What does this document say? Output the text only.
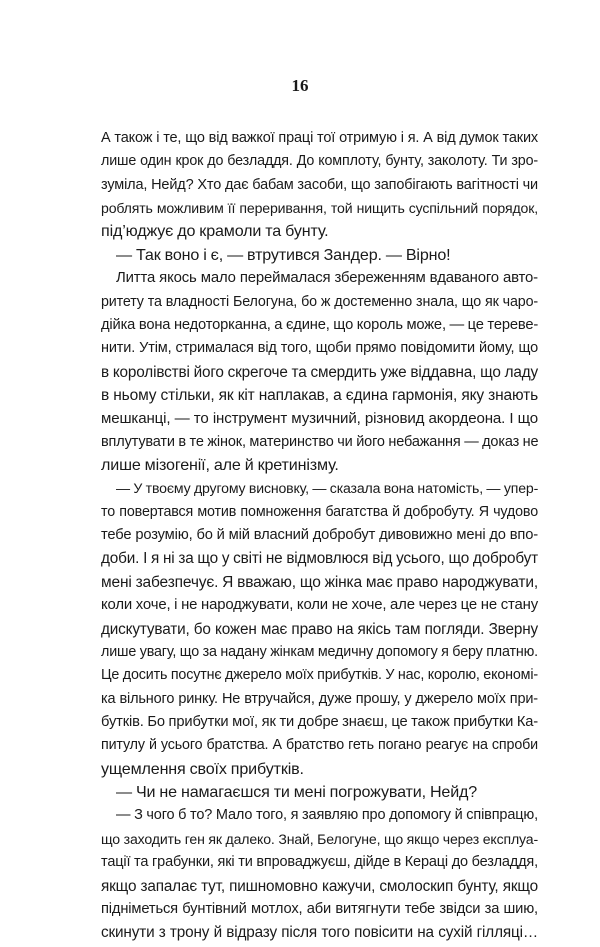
16
А також і те, що від важкої праці тої отримую і я. А від думок таких
лише один крок до безладдя. До комплоту, бунту, заколоту. Ти зро-
зуміла, Нейд? Хто дає бабам засоби, що запобігають вагітності чи
роблять можливим її переривання, той нищить суспільний порядок,
під’юджує до крамоли та бунту.
— Так воно і є, — втрутився Зандер. — Вірно!
Литта якось мало переймалася збереженням вдаваного авто-
ритету та владності Белогуна, бо ж достеменно знала, що як чаро-
дійка вона недоторканна, а єдине, що король може, — це тереве-
нити. Утім, стрималася від того, щоби прямо повідомити йому, що
в королівстві його скрегоче та смердить уже віддавна, що ладу
в ньому стільки, як кіт наплакав, а єдина гармонія, яку знають
мешканці, — то інструмент музичний, різновид акордеона. І що
вплутувати в те жінок, материнство чи його небажання — доказ не
лише мізогенії, але й кретинізму.
— У твоєму другому висновку, — сказала вона натомість, — упер-
то повертався мотив помноження багатства й добробуту. Я чудово
тебе розумію, бо й мій власний добробут дивовижно мені до впо-
доби. І я ні за що у світі не відмовлюся від усього, що добробут
мені забезпечує. Я вважаю, що жінка має право народжувати,
коли хоче, і не народжувати, коли не хоче, але через це не стану
дискутувати, бо кожен має право на якісь там погляди. Зверну
лише увагу, що за надану жінкам медичну допомогу я беру платню.
Це досить посутнє джерело моїх прибутків. У нас, королю, економі-
ка вільного ринку. Не втручайся, дуже прошу, у джерело моїх при-
бутків. Бо прибутки мої, як ти добре знаєш, це також прибутки Ка-
питулу й усього братства. А братство геть погано реагує на спроби
ущемлення своїх прибутків.
— Чи не намагаєшся ти мені погрожувати, Нейд?
— З чого б то? Мало того, я заявляю про допомогу й співпрацю,
що заходить ген як далеко. Знай, Белогуне, що якщо через експлуа-
тації та грабунки, які ти впроваджуєш, дійде в Кераці до безладдя,
якщо запалає тут, пишномовно кажучи, смолоскип бунту, якщо
підніметься бунтівний мотлох, аби витягнути тебе звідси за шию,
скинути з трону й відразу після того повісити на сухій гілляці…
